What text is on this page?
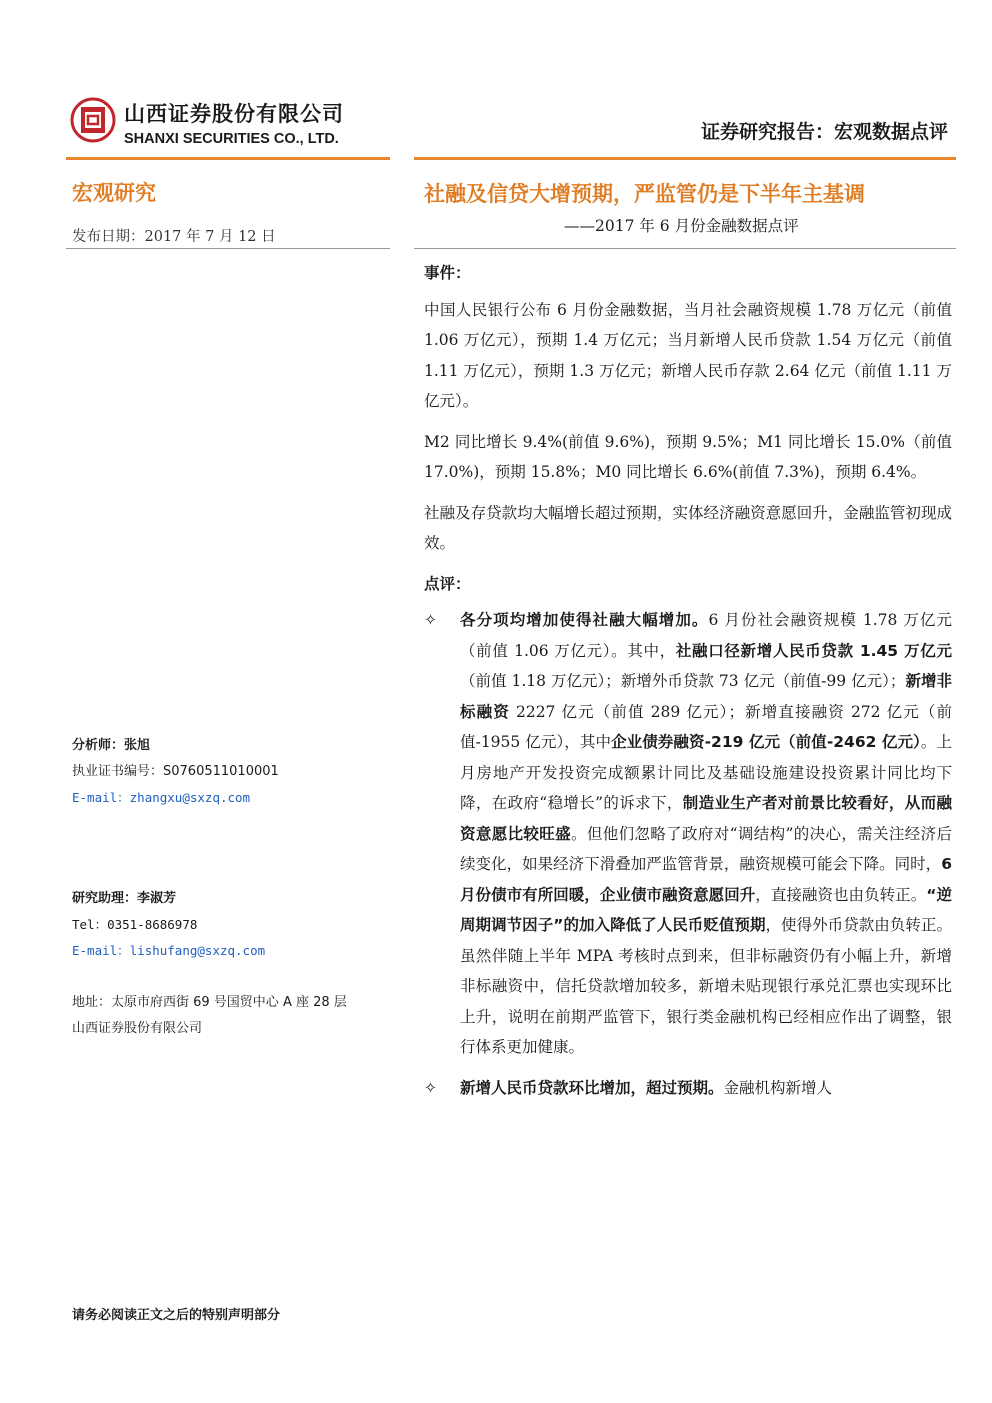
山西证券股份有限公司
SHANXI SECURITIES CO., LTD.	证券研究报告：宏观数据点评
宏观研究
发布日期：2017 年 7 月 12 日
社融及信贷大增预期，严监管仍是下半年主基调
——2017 年 6 月份金融数据点评

事件：

中国人民银行公布 6 月份金融数据，当月社会融资规模 1.78 万亿元（前值 1.06 万亿元），预期 1.4 万亿元；当月新增人民币贷款 1.54 万亿元（前值 1.11 万亿元），预期 1.3 万亿元；新增人民币存款 2.64 亿元（前值 1.11 万亿元）。

M2 同比增长 9.4%(前值 9.6%)，预期 9.5%；M1 同比增长 15.0%（前值 17.0%)，预期 15.8%；M0 同比增长 6.6%(前值 7.3%)，预期 6.4%。

社融及存贷款均大幅增长超过预期，实体经济融资意愿回升，金融监管初现成效。

点评：

✧ 各分项均增加使得社融大幅增加。6 月份社会融资规模 1.78 万亿元（前值 1.06 万亿元）。其中，社融口径新增人民币贷款 1.45 万亿元（前值 1.18 万亿元）；新增外币贷款 73 亿元（前值-99 亿元）；新增非标融资 2227 亿元（前值 289 亿元）；新增直接融资 272 亿元（前值-1955 亿元），其中企业债券融资-219 亿元（前值-2462 亿元）。上月房地产开发投资完成额累计同比及基础设施建设投资累计同比均下降，在政府“稳增长”的诉求下，制造业生产者对前景比较看好，从而融资意愿比较旺盛。但他们忽略了政府对“调结构”的决心，需关注经济后续变化，如果经济下滑叠加严监管背景，融资规模可能会下降。同时，6 月份债市有所回暖，企业债市融资意愿回升，直接融资也由负转正。“逆周期调节因子”的加入降低了人民币贬值预期，使得外币贷款由负转正。虽然伴随上半年 MPA 考核时点到来，但非标融资仍有小幅上升，新增非标融资中，信托贷款增加较多，新增未贴现银行承兑汇票也实现环比上升，说明在前期严监管下，银行类金融机构已经相应作出了调整，银行体系更加健康。
✧ 新增人民币贷款环比增加，超过预期。金融机构新增人
分析师：张旭
执业证书编号：S0760511010001
E-mail：zhangxu@sxzq.com
研究助理：李淑芳
Tel：0351-8686978
E-mail：lishufang@sxzq.com
地址：太原市府西街 69 号国贸中心 A 座 28 层
山西证券股份有限公司
请务必阅读正文之后的特别声明部分
